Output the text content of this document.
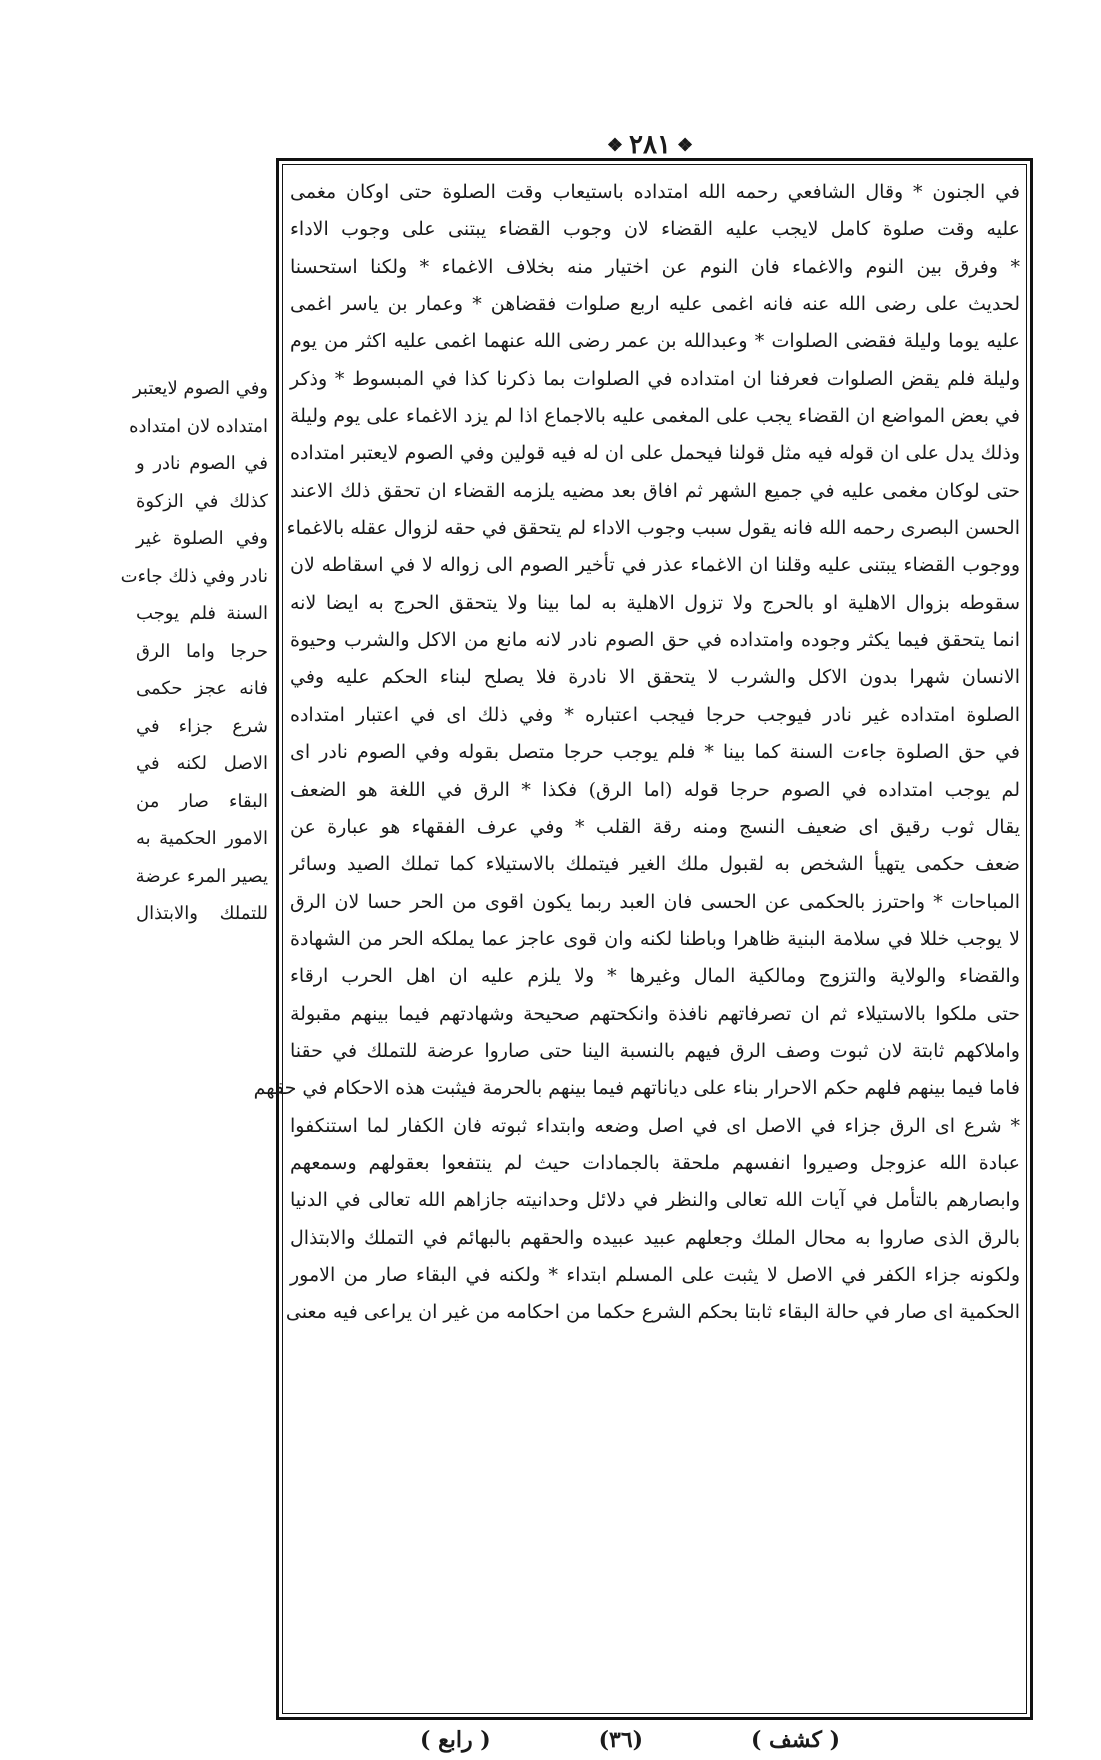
❖ ٢٨١ ❖
في الجنون * وقال الشافعي رحمه الله امتداده باستيعاب وقت الصلوة حتى اوكان مغمى
عليه وقت صلوة كامل لايجب عليه القضاء لان وجوب القضاء يبتنى على وجوب الاداء
* وفرق بين النوم والاغماء فان النوم عن اختيار منه بخلاف الاغماء * ولكنا استحسنا
لحديث على رضى الله عنه فانه اغمى عليه اربع صلوات فقضاهن * وعمار بن ياسر اغمى
عليه يوما وليلة فقضى الصلوات * وعبدالله بن عمر رضى الله عنهما اغمى عليه اكثر من يوم
وليلة فلم يقض الصلوات فعرفنا ان امتداده في الصلوات بما ذكرنا كذا في المبسوط * وذكر
في بعض المواضع ان القضاء يجب على المغمى عليه بالاجماع اذا لم يزد الاغماء على يوم وليلة
وذلك يدل على ان قوله فيه مثل قولنا فيحمل على ان له فيه قولين وفي الصوم لايعتبر امتداده
حتى لوكان مغمى عليه في جميع الشهر ثم افاق بعد مضيه يلزمه القضاء ان تحقق ذلك الاعند
الحسن البصرى رحمه الله فانه يقول سبب وجوب الاداء لم يتحقق في حقه لزوال عقله بالاغماء
ووجوب القضاء يبتنى عليه وقلنا ان الاغماء عذر في تأخير الصوم الى زواله لا في اسقاطه لان
سقوطه بزوال الاهلية او بالحرج ولا تزول الاهلية به لما بينا ولا يتحقق الحرج به ايضا لانه
انما يتحقق فيما يكثر وجوده وامتداده في حق الصوم نادر لانه مانع من الاكل والشرب وحيوة
الانسان شهرا بدون الاكل والشرب لا يتحقق الا نادرة فلا يصلح لبناء الحكم عليه وفي
الصلوة امتداده غير نادر فيوجب حرجا فيجب اعتباره * وفي ذلك اى في اعتبار امتداده
في حق الصلوة جاءت السنة كما بينا * فلم يوجب حرجا متصل بقوله وفي الصوم نادر اى
لم يوجب امتداده في الصوم حرجا قوله (اما الرق) فكذا * الرق في اللغة هو الضعف
يقال ثوب رقيق اى ضعيف النسج ومنه رقة القلب * وفي عرف الفقهاء هو عبارة عن
ضعف حكمى يتهيأ الشخص به لقبول ملك الغير فيتملك بالاستيلاء كما تملك الصيد وسائر
المباحات * واحترز بالحكمى عن الحسى فان العبد ربما يكون اقوى من الحر حسا لان الرق
لا يوجب خللا في سلامة البنية ظاهرا وباطنا لكنه وان قوى عاجز عما يملكه الحر من الشهادة
والقضاء والولاية والتزوج ومالكية المال وغيرها * ولا يلزم عليه ان اهل الحرب ارقاء
حتى ملكوا بالاستيلاء ثم ان تصرفاتهم نافذة وانكحتهم صحيحة وشهادتهم فيما بينهم مقبولة
واملاكهم ثابتة لان ثبوت وصف الرق فيهم بالنسبة الينا حتى صاروا عرضة للتملك في حقنا
فاما فيما بينهم فلهم حكم الاحرار بناء على دياناتهم فيما بينهم بالحرمة فيثبت هذه الاحكام في حقهم
* شرع اى الرق جزاء في الاصل اى في اصل وضعه وابتداء ثبوته فان الكفار لما استنكفوا
عبادة الله عزوجل وصيروا انفسهم ملحقة بالجمادات حيث لم ينتفعوا بعقولهم وسمعهم
وابصارهم بالتأمل في آيات الله تعالى والنظر في دلائل وحدانيته جازاهم الله تعالى في الدنيا
بالرق الذى صاروا به محال الملك وجعلهم عبيد عبيده والحقهم بالبهائم في التملك والابتذال
ولكونه جزاء الكفر في الاصل لا يثبت على المسلم ابتداء * ولكنه في البقاء صار من الامور
الحكمية اى صار في حالة البقاء ثابتا بحكم الشرع حكما من احكامه من غير ان يراعى فيه معنى
وفي الصوم لايعتبر
امتداده لان امتداده
في الصوم نادر و
كذلك في الزكوة
وفي الصلوة غير
نادر وفي ذلك جاءت
السنة فلم يوجب
حرجا واما الرق
فانه عجز حكمى
شرع جزاء في
الاصل لكنه في
البقاء صار من
الامور الحكمية به
يصير المرء عرضة
للتملك والابتذال
( كشف )
(٣٦)
( رابع )
